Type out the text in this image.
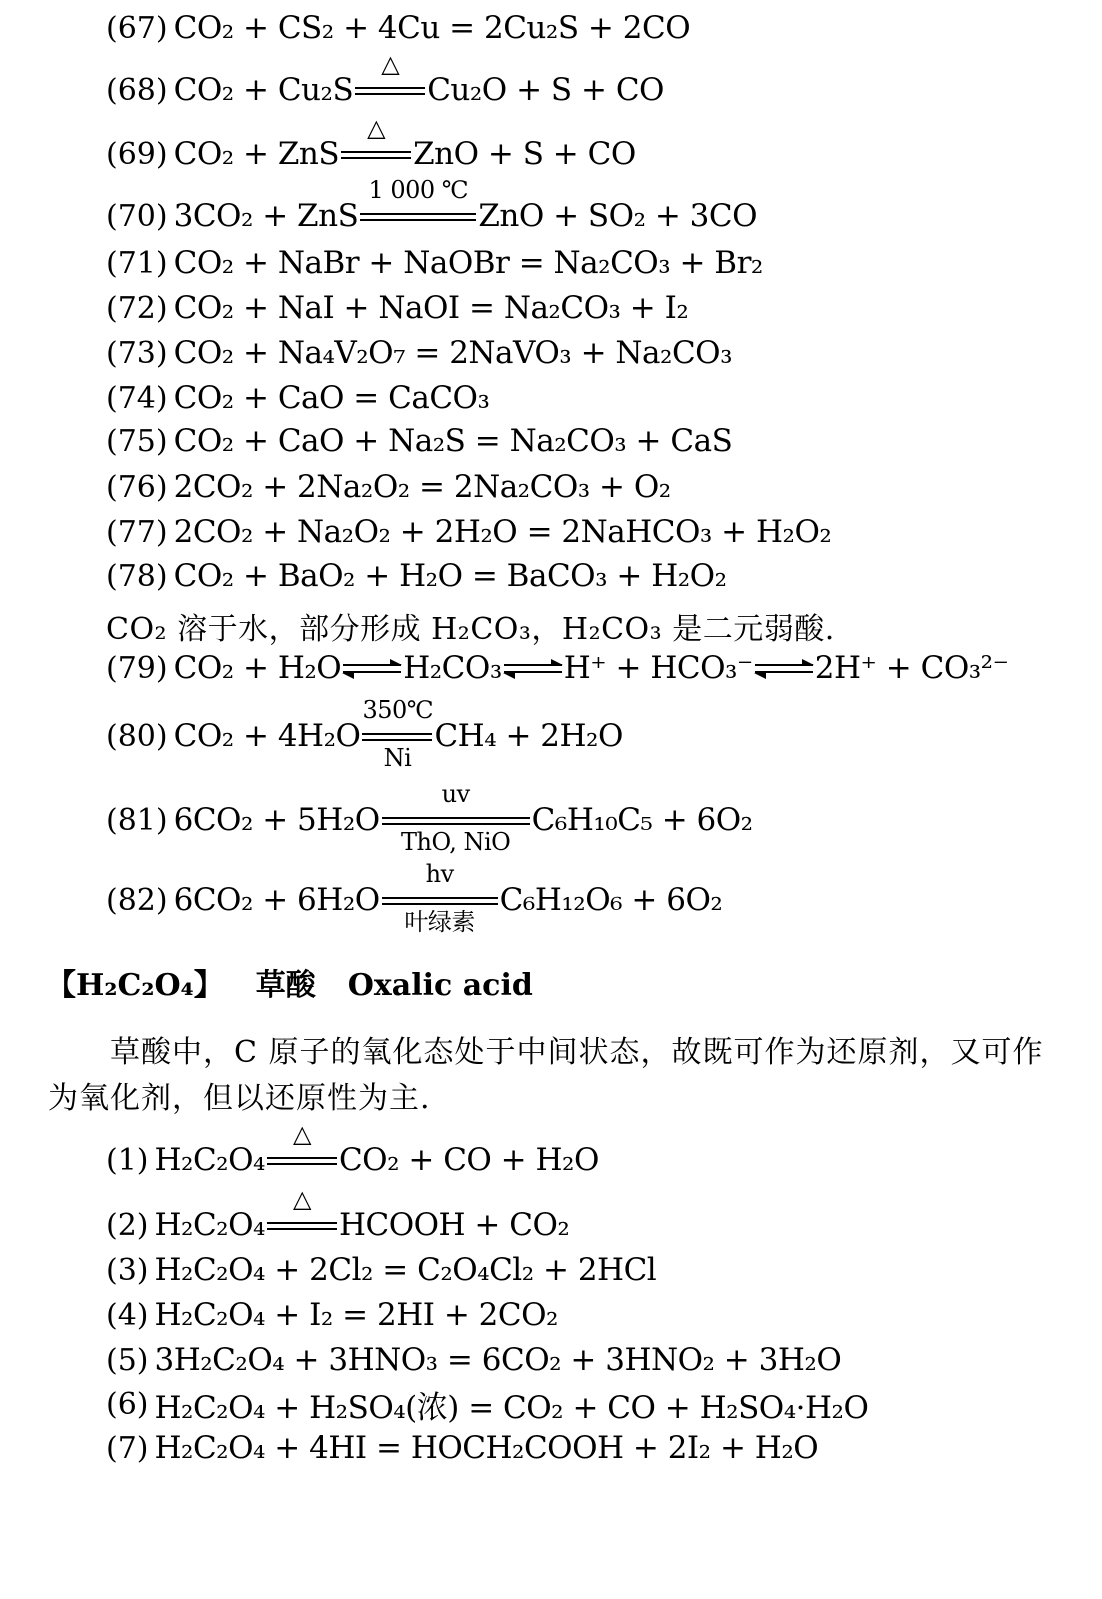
(67) CO₂ + CS₂ + 4Cu = 2Cu₂S + 2CO
(68) CO₂ + Cu₂S
△
Cu₂O + S + CO
(69) CO₂ + ZnS
△
ZnO + S + CO
(70) 3CO₂ + ZnS
1 000 ℃
ZnO + SO₂ + 3CO
(71) CO₂ + NaBr + NaOBr = Na₂CO₃ + Br₂
(72) CO₂ + NaI + NaOI = Na₂CO₃ + I₂
(73) CO₂ + Na₄V₂O₇ = 2NaVO₃ + Na₂CO₃
(74) CO₂ + CaO = CaCO₃
(75) CO₂ + CaO + Na₂S = Na₂CO₃ + CaS
(76) 2CO₂ + 2Na₂O₂ = 2Na₂CO₃ + O₂
(77) 2CO₂ + Na₂O₂ + 2H₂O = 2NaHCO₃ + H₂O₂
(78) CO₂ + BaO₂ + H₂O = BaCO₃ + H₂O₂
CO₂ 溶于水，部分形成 H₂CO₃，H₂CO₃ 是二元弱酸.
(79) CO₂ + H₂O ⇌ H₂CO₃ ⇌ H⁺ + HCO₃⁻ ⇌ 2H⁺ + CO₃²⁻
(80) CO₂ + 4H₂O
350℃
Ni
CH₄ + 2H₂O
(81) 6CO₂ + 5H₂O
uv
ThO, NiO
C₆H₁₀C₅ + 6O₂
(82) 6CO₂ + 6H₂O
hv
叶绿素
C₆H₁₂O₆ + 6O₂
【H₂C₂O₄】 草酸 Oxalic acid
草酸中，C 原子的氧化态处于中间状态，故既可作为还原剂，又可作为氧化剂，但以还原性为主.
(1) H₂C₂O₄
△
CO₂ + CO + H₂O
(2) H₂C₂O₄
△
HCOOH + CO₂
(3) H₂C₂O₄ + 2Cl₂ = C₂O₄Cl₂ + 2HCl
(4) H₂C₂O₄ + I₂ = 2HI + 2CO₂
(5) 3H₂C₂O₄ + 3HNO₃ = 6CO₂ + 3HNO₂ + 3H₂O
(6) H₂C₂O₄ + H₂SO₄(浓) = CO₂ + CO + H₂SO₄·H₂O
(7) H₂C₂O₄ + 4HI = HOCH₂COOH + 2I₂ + H₂O
